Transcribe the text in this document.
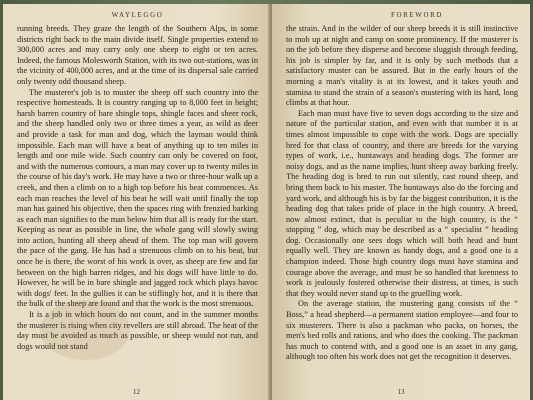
WAYLEGGO

running breeds. They graze the length of the Southern Alps, in some districts right back to the main divide itself. Single properties extend to 300,000 acres and may carry only one sheep to eight or ten acres. Indeed, the famous Molesworth Station, with its two out-stations, was in the vicinity of 400,000 acres, and at the time of its dispersal sale carried only twenty odd thousand sheep.

The musterer's job is to muster the sheep off such country into the respective homesteads. It is country ranging up to 8,000 feet in height; harsh barren country of bare shingle tops, shingle faces and sheer rock, and the sheep handled only two or three times a year, as wild as deer and provide a task for man and dog, which the layman would think impossible. Each man will have a beat of anything up to ten miles in length and one mile wide. Such country can only be covered on foot, and with the numerous contours, a man may cover up to twenty miles in the course of his day's work. He may have a two or three-hour walk up a creek, and then a climb on to a high top before his beat commences. As each man reaches the level of his beat he will wait until finally the top man has gained his objective, then the spaces ring with frenzied barking as each man signifies to the man below him that all is ready for the start. Keeping as near as possible in line, the whole gang will slowly swing into action, hunting all sheep ahead of them. The top man will govern the pace of the gang. He has had a strenuous climb on to his beat, but once he is there, the worst of his work is over, as sheep are few and far between on the high barren ridges, and his dogs will have little to do. However, he will be in bare shingle and jagged rock which plays havoc with dogs' feet. In the gullies it can be stiflingly hot, and it is there that the bulk of the sheep are found and that the work is the most strenuous.

It is a job in which hours do not count, and in the summer months the musterer is rising when city revellers are still abroad. The heat of the day must be avoided as much as possible, or sheep would not run, and dogs would not stand

12
FOREWORD

the strain. And in the wilder of our sheep breeds it is still instinctive to mob up at night and camp on some prominency. If the musterer is on the job before they disperse and become sluggish through feeding, his job is simpler by far, and it is only by such methods that a satisfactory muster can be assured. But in the early hours of the morning a man's vitality is at its lowest, and it takes youth and stamina to stand the strain of a season's mustering with its hard, long climbs at that hour.

Each man must have five to seven dogs according to the size and nature of the particular station, and even with that number it is at times almost impossible to cope with the work. Dogs are specially bred for that class of country, and there are breeds for the varying types of work, i.e., huntaways and heading dogs. The former are noisy dogs, and as the name implies, hunt sheep away barking freely. The heading dog is bred to run out silently, cast round sheep, and bring them back to his master. The huntaways also do the forcing and yard work, and although his is by far the biggest contribution, it is the heading dog that takes pride of place in the high country. A breed, now almost extinct, that is peculiar to the high country, is the “ stopping ” dog, which may be described as a “ specialist ” heading dog. Occasionally one sees dogs which will both head and hunt equally well. They are known as handy dogs, and a good one is a champion indeed. Those high country dogs must have stamina and courage above the average, and must be so handled that keenness to work is jealously fostered otherwise their distress, at times, is such that they would never stand up to the gruelling work.

On the average station, the mustering gang consists of the “ Boss,” a head shepherd—a permanent station employee—and four to six musterers. There is also a packman who packs, on horses, the men's bed rolls and rations, and who does the cooking. The packman has much to contend with, and a good one is an asset in any gang, although too often his work does not get the recognition it deserves.

13
